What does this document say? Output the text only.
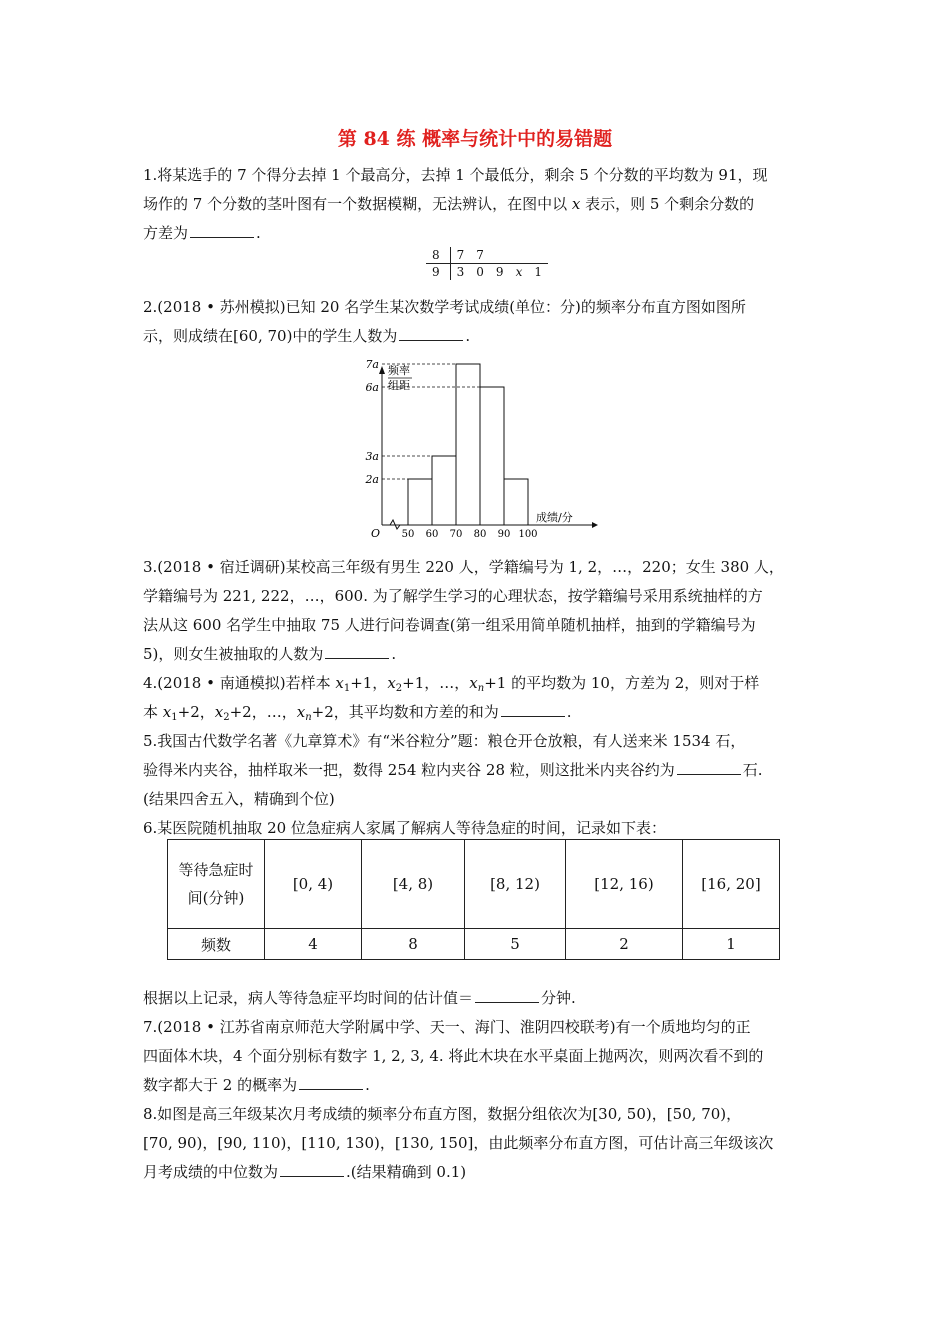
第 84 练 概率与统计中的易错题
1.将某选手的 7 个得分去掉 1 个最高分，去掉 1 个最低分，剩余 5 个分数的平均数为 91，现
场作的 7 个分数的茎叶图有一个数据模糊，无法辨认，在图中以 x 表示，则 5 个剩余分数的
方差为	.
8	7	7			
9	3	0	9	x	1
2.(2018 • 苏州模拟)已知 20 名学生某次数学考试成绩(单位：分)的频率分布直方图如图所
示，则成绩在[60, 70)中的学生人数为	.
频率
组距
O
2a
3a
6a
7a
50 60 70 80 90 100
成绩/分
3.(2018 • 宿迁调研)某校高三年级有男生 220 人，学籍编号为 1, 2，…，220；女生 380 人，
学籍编号为 221, 222，…，600. 为了解学生学习的心理状态，按学籍编号采用系统抽样的方
法从这 600 名学生中抽取 75 人进行问卷调查(第一组采用简单随机抽样，抽到的学籍编号为
5)，则女生被抽取的人数为	.
4.(2018 • 南通模拟)若样本 $x_1+1$，$x_2+1$，…，$x_n+1$ 的平均数为 10，方差为 2，则对于样
本 $x_1+2$，$x_2+2$，…，$x_n+2$，其平均数和方差的和为	.
5.我国古代数学名著《九章算术》有“米谷粒分”题：粮仓开仓放粮，有人送来米 1534 石，
验得米内夹谷，抽样取米一把，数得 254 粒内夹谷 28 粒，则这批米内夹谷约为	石.
(结果四舍五入，精确到个位)
6.某医院随机抽取 20 位急症病人家属了解病人等待急症的时间，记录如下表：
等待急症时间(分钟)	[0, 4)	[4, 8)	[8, 12)	[12, 16)	[16, 20]
频数	4	8	5	2	1
根据以上记录，病人等待急症平均时间的估计值＝	分钟.
7.(2018 • 江苏省南京师范大学附属中学、天一、海门、淮阴四校联考)有一个质地均匀的正
四面体木块，4 个面分别标有数字 1, 2, 3, 4. 将此木块在水平桌面上抛两次，则两次看不到的
数字都大于 2 的概率为	.
8.如图是高三年级某次月考成绩的频率分布直方图，数据分组依次为[30, 50)，[50, 70)，
[70, 90)，[90, 110)，[110, 130)，[130, 150]，由此频率分布直方图，可估计高三年级该次
月考成绩的中位数为	.(结果精确到 0.1)
